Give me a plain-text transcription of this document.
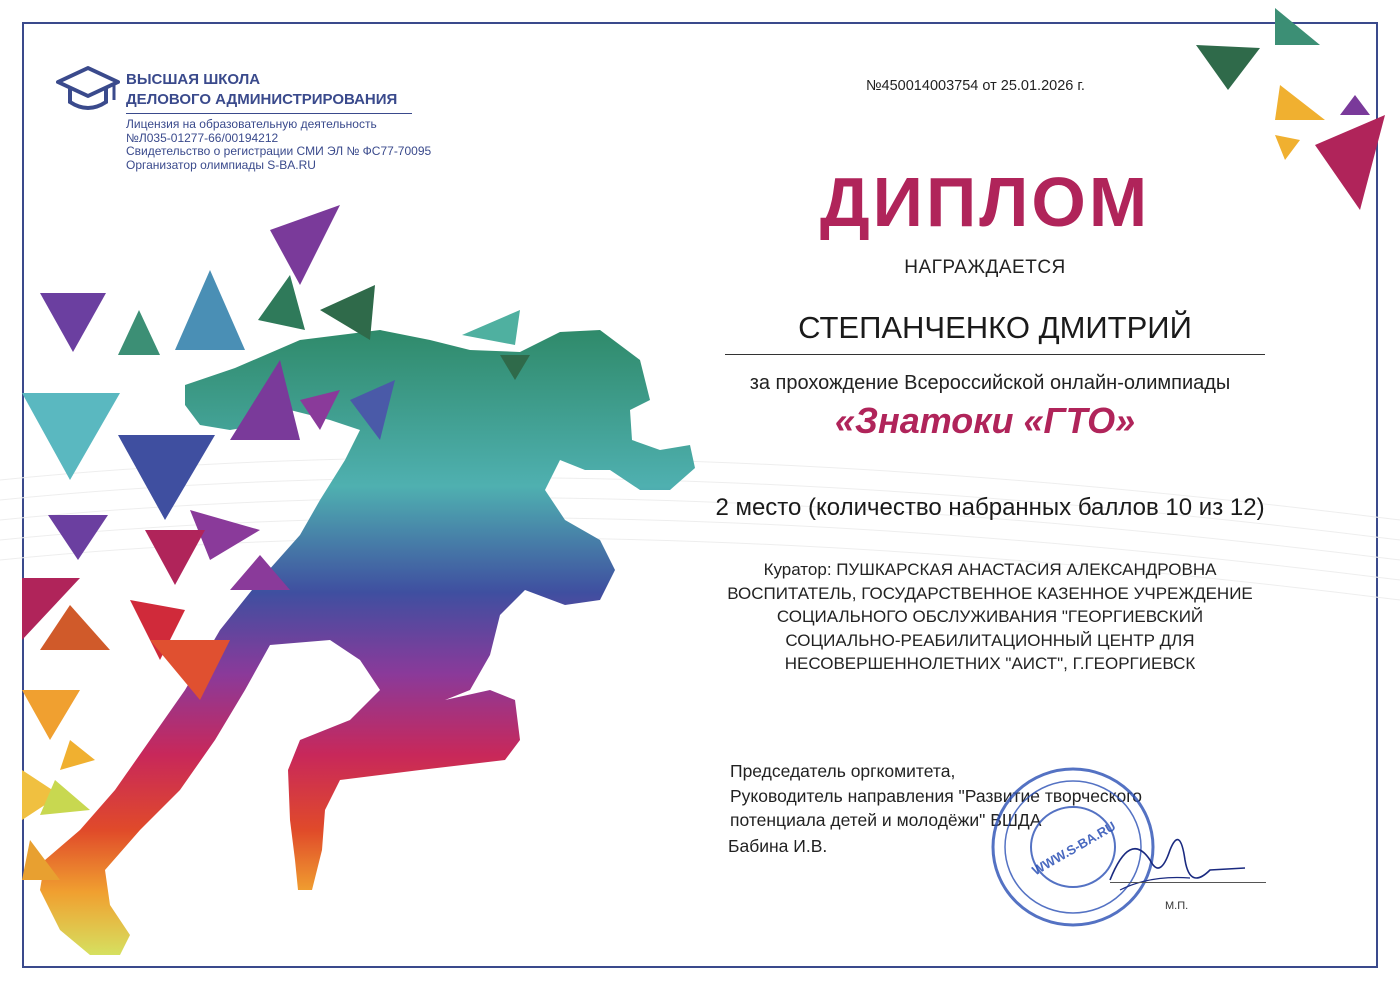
ВЫСШАЯ ШКОЛА
ДЕЛОВОГО АДМИНИСТРИРОВАНИЯ
Лицензия на образовательную деятельность
№Л035-01277-66/00194212
Свидетельство о регистрации СМИ ЭЛ № ФС77-70095
Организатор олимпиады S-BA.RU
№450014003754 от 25.01.2026 г.
ДИПЛОМ
НАГРАЖДАЕТСЯ
СТЕПАНЧЕНКО ДМИТРИЙ
за прохождение Всероссийской онлайн-олимпиады
«Знатоки «ГТО»
2 место (количество набранных баллов 10 из 12)
Куратор: ПУШКАРСКАЯ АНАСТАСИЯ АЛЕКСАНДРОВНА
ВОСПИТАТЕЛЬ, ГОСУДАРСТВЕННОЕ КАЗЕННОЕ УЧРЕЖДЕНИЕ
СОЦИАЛЬНОГО ОБСЛУЖИВАНИЯ "ГЕОРГИЕВСКИЙ
СОЦИАЛЬНО-РЕАБИЛИТАЦИОННЫЙ ЦЕНТР ДЛЯ
НЕСОВЕРШЕННОЛЕТНИХ "АИСТ", Г.ГЕОРГИЕВСК
Председатель оргкомитета,
Руководитель направления "Развитие творческого
потенциала детей и молодёжи" ВШДА
Бабина И.В.	WWW.S-BA.RU
М.П.
